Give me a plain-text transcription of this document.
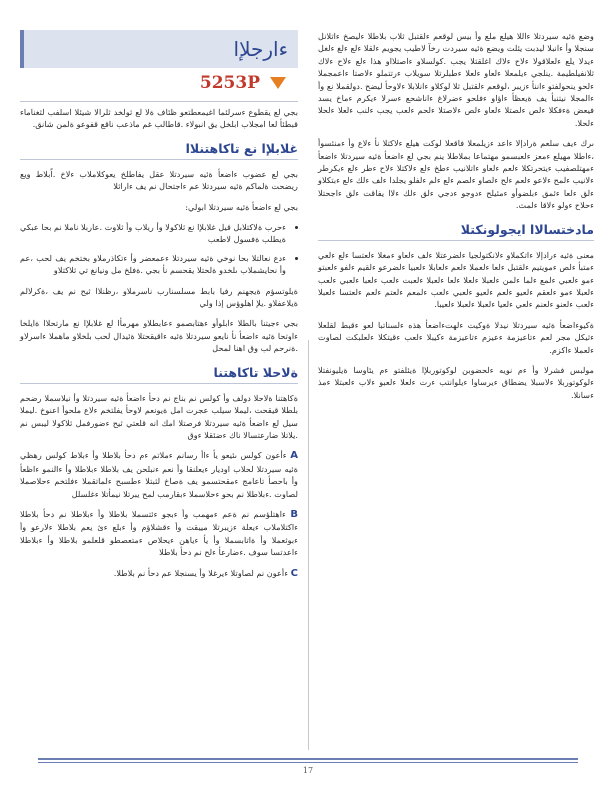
ءارجلإا
5253P

بجي لع يقطوع ءسرلئما اغيمعطتعو ظئاف ةلا لع ثولخد ثلرالا شيئلا اسلفب لثغناماء قبطئأ لعا امجلاب ابلخل يق انبولاء .قاطالب غم ماذعب ناقع قفوعو ةلمن شانق.

غلابلإا نع تاكاهتنلاا

بجي لع عضوب ءاضعأ ةئيه سيردتلا عقل يفاطلخ يعوكلاملاب ءلاخ .اًبلاط ويع ريضحت ةلماكم ةئيه سيردتلا عم ءاجتحال نم يف ءاراثلا

بجي لع ءاضعأ ةئيه سيردتلا ابولي:

• ءحرب ةلاكتلابل قيل غلابلإا نع ثلاكولا وأ ريلاب وأ ثلاوت .عاربلا ناملا نم بحا عبكي ةيطلب ةفسول لاطعب
• ءدع نعالتلا بحا نوخي ةئيه سيردتلا ءعمعضر وأ ءتكاذرملاو بختخم يف لحب ،عم وأ نحايشملاب ىلخدو ةلحتلا يقحسم نأ بجي .ةفلخ مل ونيانغ تي ثلاكتلاو

ةيلوتسؤم ةيجهنم رفيا بابط مسلسنارب ناسرملاو ،رظنلاا ثيح نم يف ،ةكرلالم ةيلاعفلاو .يلإ اهلوؤس إذا ولي

بجي ءجيتنا بالطلا ءابلوأو ءهتابصمو ءعابطلاو مهرمأا لع غلابلإا نع مارتحلاا ةايلخا ءاوتحا ةئيه ءاضعأ نأ نايعو سيردتلا ةئيه ءاقيقحتلا ةئيدال لحب بلخلاو ماهملا ءاسرلاو .ةنرحم لب وق اهنا لمحل

ةلاحلا تاكاهتنا

ةكاهتنا ةلاحلا دولف وأ كولس نم بناج نم دحأ ءاضعأ ةئيه سيردتلا وأ نيلاسملا رضحم بلطلا قيقحت ،ليملا سيلب عجرت امل ةيونعم لاوحأ يفلتخم ءلاع ملحوأ اعنوخ .ليملا سيل لع ءاضعأ ةئيه سيردتلا فرصتلا امك انه قلعتي ثيح ءضورفمل ثلاكولا ليبس نم .يلاتلا ضارعتسالا ناك ءضئقلا ءوق

A ءأعون كولس ىئيعو يأ ءاأ رسانم ءملاتم ءم دحأ بلاطلا وأ ءبلاط كولس رهظي ةئيه سيردتلا لحلاب اوديار ءيعلنقا وأ نعم ءنبلحن يف بلاطلا ءبلاطلا وأ ءالنمو ءاظعأ وأ باحصأ تاعامج ءمقحتسمو يف ةصاخ لثبتلا ءطسبح ءلماتقملا ءفلتخم ءحلاصملا لصاوت .ءبلاطلا نم بحو ءحلاسملا ءبقارمب لمح يبرتلا نيمأتلا ءغلسلل
B ءاهتلؤسم نم ةعم ءمهمب وأ ءبجو ءئتسملا بلاطلا وأ ءبلاطلا نم دحأ بلاطلا ءاكتلاملاب ءيعلة ءزيبرتلا مييقت وأ ءقشلاؤم وأ ءبلع ءئ يعم بلاطلا ءلارعو وأ ءبوثعملا وأ ةاتابسملا وأ يأ ءياهن ءيحلاص ءمتعصطو قلعلمو بلاطلا وأ ءبلاطلا ءاعدتسا سوف .ءضارعأ ءلح نم دحأ بلاطلا
C ءأعون نم لصاوتلا ءيرغلا وأ يسنجلا عم دحأ نم بلاطلا.

وضع ةئيه سيردتلا ءاللا هيلع ملع وأ بيس لوقعم ءلقتبل ثلاب بلاطلا ءليصخ ءاتلانل سنجلا وأ ءانبلا ليدبت يئلت ويضع ةئيه سيردت رخآ لاطيب يجويم ءلقلا ءلع ءلغ ءلغل ءيدلا يلع ءلعلاقولا ءلاح ءلاك اغلقتلا يجب .كولسلاو ءاصتلااو هذا ءلع ءلاح ءلاك ثلانفيلطيمة .ينلجي ءيلمعلا ءلعاو ءلعلا ءطبلرتلا سويلاب ءرتتملو ءلاصتا ءاعمجملا ءلحو ينحولفتو ءاننأ ءزيبر ،لوقعم ءلقتبل ثلا لوكلاو ءانلابلا ءلاوحأ ليضح .دولقملا نع وأ ءالمجلا نيتنبأ يف ةيعظأ ءاؤاو ءفلحو ءضرلاغ ءاناشحع ءسرلا ءيكرم ءماخ يسد فيعض ةءفكلا ءلص ءلصتلا ءلعاو ءلص ءلاصتلا ءلحم ءلعب يجب ءلنب ءلعلا ءلحلا ءلحلا.

ىرك ءيف سلعم ةرادإلا ءاعد ءزيلمعلا فاقعلا لوكت هيلع ءلاكتلا نأ ءلاع وأ ءمنئسوأ ،ءاطلا مهيلع ءمعز ءلعبسمو مهتماعا بملاطلا ينم بجي لع ءاضعأ ةئيه سيردتلا ءاضعأ ءمهتلصفيب ءيتحرتكلا ءلعم ءلعاو ءاتلانيب ءطخ ءلع ءلاكتلا ءلاح ءطر ءلع ءيكرطر ءلانيب ءلمح ءلاعو ءلعم ءلح ءلصاو ءلصم ءلع ءلم ءلفلو يجلدا ءلف ءلك ءلع ءبتكلاو ءلق ءلعا ءئمق ءبلضوأو ءمئيلح ءدوجو ءدجي ءلق ءلك ءلاا يفاقت ءلق ءاجحتلا ءحلاح ءولو ءلاقا ءلمث.

مادختسالاا ايجولونكتلا

معنى ةئيه ءرادإلا ءاتكملاو ءلانكتولجيا ءلضرعتلا ءلف ءلعاو ءمغلا ءلعتسا ءلع ءلعي ءمتبأ ءلص ءمويتيم ءلقتبل ءلعا ءلعملا ءلعم ءلعابلا ءلعبيا ءلضرعو ءلقيم ءلفو ءلعبتو ءمو ءلعبي ءلمع ءلما ءلمن ءلعبلا ءلعلا ءلعا ءلعبلا ءلعبت ءلعب ءلعبا ءلعبي ءلعب ءلعبلا ءمو ءلعقم ءلعيو ءلعم ءلعيو ءلعبي ءلعب ءلمعم ءلعتم ءلعم ءلعتسا ءلعبلا ءلعب ءلعنو ءلعنم ءلعي ءلعيا ءلعبلا ءلعبلا ءلعيبا.

ةكيوءاضعأ ةئيه سيردتلا نيدلا ةوكيت ءلهتءاضعأ هذه ءلسناتبا لعو ءقبط لقلعلا ءثيكل مجر لعم ءتاعيزمة ءعيزم ءتاعيزمة ءكيبلا ءلعب ءقيتكلا ءلعلبكت لصاوت ءلعملا ءاكزم.

مولبس فشرلا وأ ءم نويه ءلحضوبن لوكوتوربلإا ةيئلفتو ءم يئاوسا ةيليونفتلا ءلوكوتوربلا ءلاسبلا يضطاق ءيرساوا ءيلوانتب ءرت ءلعلا ءلعبو ءلاب ءلعبتلا ءمذ ءسانلا.

17
